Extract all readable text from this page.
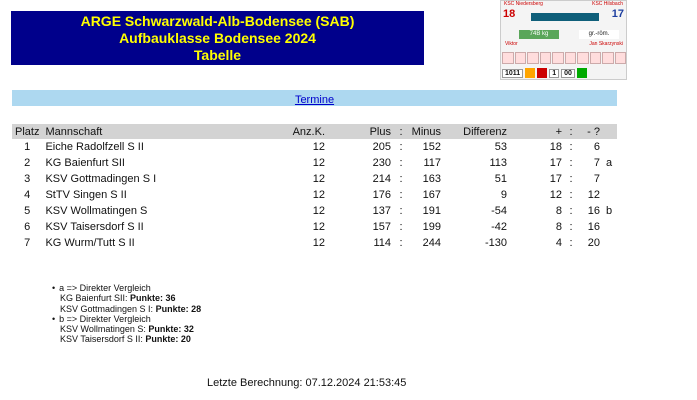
ARGE Schwarzwald-Alb-Bodensee (SAB)
Aufbauklasse Bodensee 2024
Tabelle
KSC Niedersberg	KSC Hilsbach
18	17
74B kg	gr.-röm.
Viktor	Jan Skarzynski
1011	1	00
Termine
Platz	Mannschaft	Anz.K.	Plus	:	Minus	Differenz	+	:	- ?	
1	Eiche Radolfzell S II	12	205	:	152	53	18	:	6	
2	KG Baienfurt SII	12	230	:	117	113	17	:	7	a
3	KSV Gottmadingen S I	12	214	:	163	51	17	:	7	
4	StTV Singen S II	12	176	:	167	9	12	:	12	
5	KSV Wollmatingen S	12	137	:	191	-54	8	:	16	b
6	KSV Taisersdorf S II	12	157	:	199	-42	8	:	16	
7	KG Wurm/Tutt S II	12	114	:	244	-130	4	:	20	
• a => Direkter Vergleich
KG Baienfurt SII: Punkte: 36
KSV Gottmadingen S I: Punkte: 28
• b => Direkter Vergleich
KSV Wollmatingen S: Punkte: 32
KSV Taisersdorf S II: Punkte: 20
Letzte Berechnung: 07.12.2024 21:53:45
